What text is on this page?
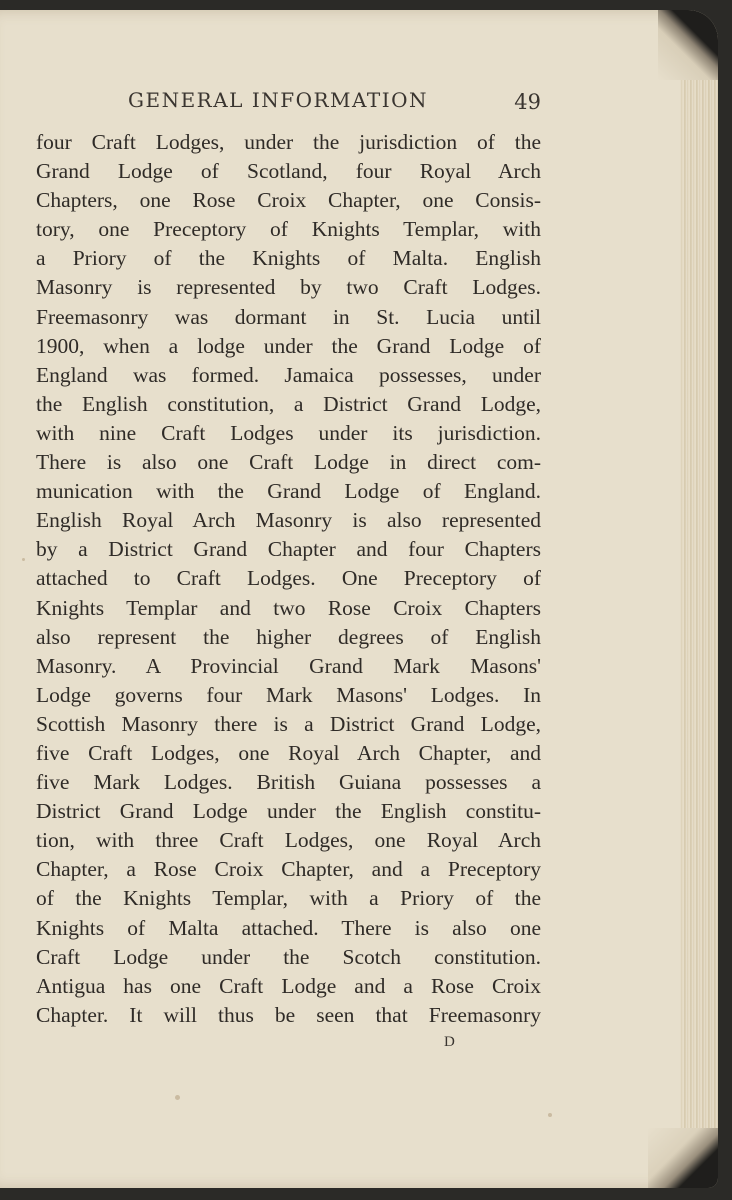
GENERAL INFORMATION	49
four Craft Lodges, under the jurisdiction of the
Grand Lodge of Scotland, four Royal Arch
Chapters, one Rose Croix Chapter, one Consis-
tory, one Preceptory of Knights Templar, with
a Priory of the Knights of Malta. English
Masonry is represented by two Craft Lodges.
Freemasonry was dormant in St. Lucia until
1900, when a lodge under the Grand Lodge of
England was formed. Jamaica possesses, under
the English constitution, a District Grand Lodge,
with nine Craft Lodges under its jurisdiction.
There is also one Craft Lodge in direct com-
munication with the Grand Lodge of England.
English Royal Arch Masonry is also represented
by a District Grand Chapter and four Chapters
attached to Craft Lodges. One Preceptory of
Knights Templar and two Rose Croix Chapters
also represent the higher degrees of English
Masonry. A Provincial Grand Mark Masons'
Lodge governs four Mark Masons' Lodges. In
Scottish Masonry there is a District Grand Lodge,
five Craft Lodges, one Royal Arch Chapter, and
five Mark Lodges. British Guiana possesses a
District Grand Lodge under the English constitu-
tion, with three Craft Lodges, one Royal Arch
Chapter, a Rose Croix Chapter, and a Preceptory
of the Knights Templar, with a Priory of the
Knights of Malta attached. There is also one
Craft Lodge under the Scotch constitution.
Antigua has one Craft Lodge and a Rose Croix
Chapter. It will thus be seen that Freemasonry
D
